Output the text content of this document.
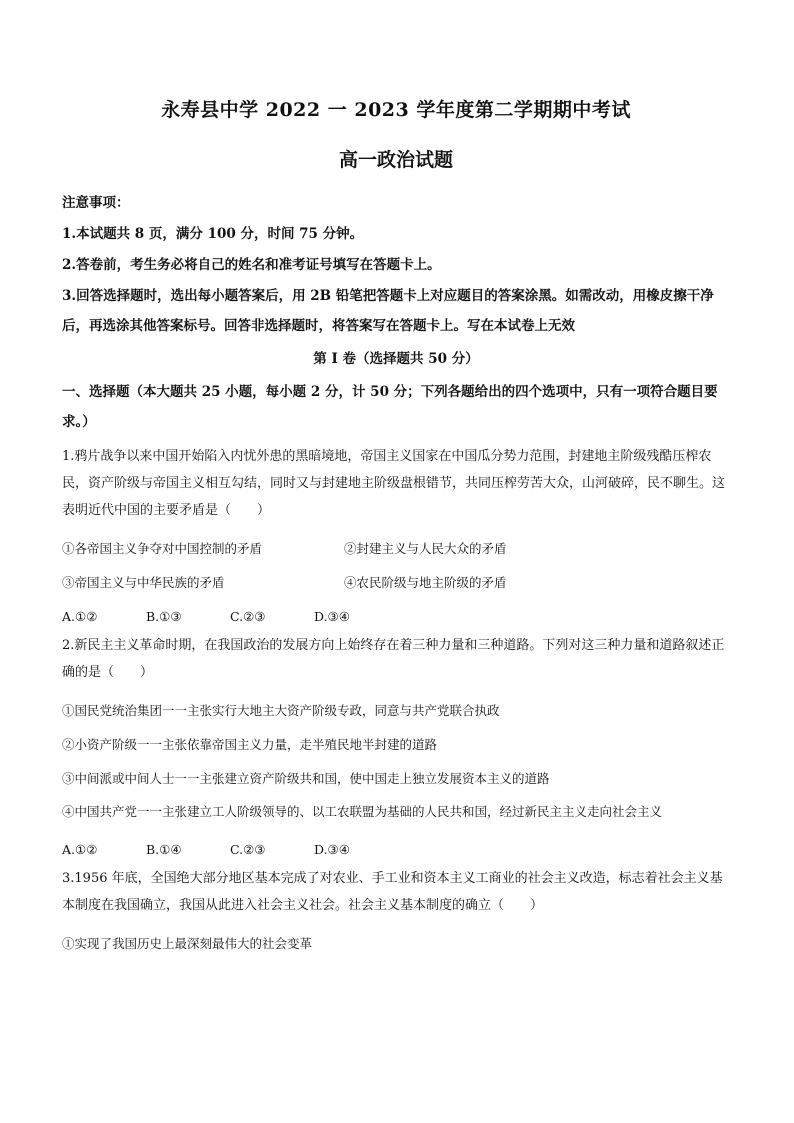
永寿县中学 2022 一 2023 学年度第二学期期中考试
高一政治试题
注意事项：
1.本试题共 8 页，满分 100 分，时间 75 分钟。
2.答卷前，考生务必将自己的姓名和准考证号填写在答题卡上。
3.回答选择题时，选出每小题答案后，用 2B 铅笔把答题卡上对应题目的答案涂黑。如需改动，用橡皮擦干净后，再选涂其他答案标号。回答非选择题时，将答案写在答题卡上。写在本试卷上无效
第 I 卷（选择题共 50 分）
一、选择题（本大题共 25 小题，每小题 2 分，计 50 分；下列各题给出的四个选项中，只有一项符合题目要求。）
1.鸦片战争以来中国开始陷入内忧外患的黑暗境地，帝国主义国家在中国瓜分势力范围，封建地主阶级残酷压榨农民，资产阶级与帝国主义相互勾结，同时又与封建地主阶级盘根错节，共同压榨劳苦大众，山河破碎，民不聊生。这表明近代中国的主要矛盾是（　　）
①各帝国主义争夺对中国控制的矛盾	②封建主义与人民大众的矛盾
③帝国主义与中华民族的矛盾	④农民阶级与地主阶级的矛盾
A.①②	B.①③	C.②③	D.③④
2.新民主主义革命时期，在我国政治的发展方向上始终存在着三种力量和三种道路。下列对这三种力量和道路叙述正确的是（　　）
①国民党统治集团一一主张实行大地主大资产阶级专政，同意与共产党联合执政
②小资产阶级一一主张依靠帝国主义力量，走半殖民地半封建的道路
③中间派或中间人士一一主张建立资产阶级共和国，使中国走上独立发展资本主义的道路
④中国共产党一一主张建立工人阶级领导的、以工农联盟为基础的人民共和国，经过新民主主义走向社会主义
A.①②	B.①④	C.②③	D.③④
3.1956 年底，全国绝大部分地区基本完成了对农业、手工业和资本主义工商业的社会主义改造，标志着社会主义基本制度在我国确立，我国从此进入社会主义社会。社会主义基本制度的确立（　　）
①实现了我国历史上最深刻最伟大的社会变革
